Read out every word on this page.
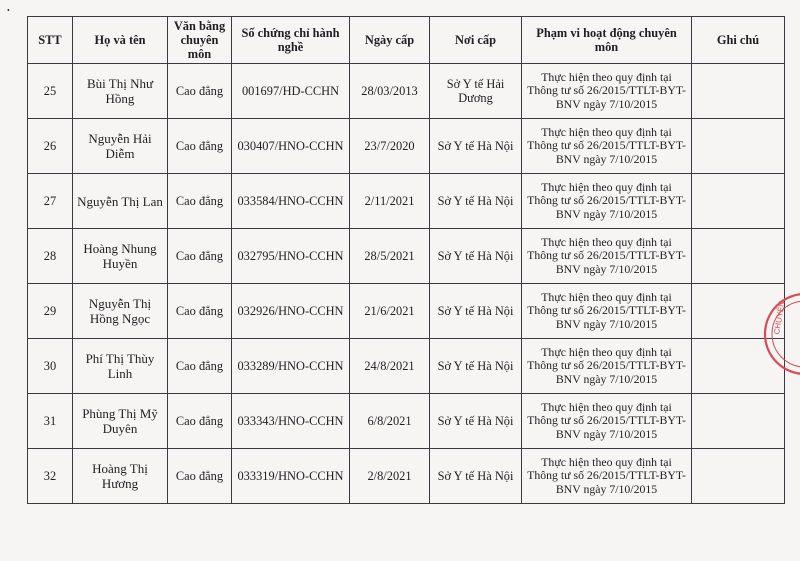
•
STT	Họ và tên	Văn bằng chuyên môn	Số chứng chỉ hành nghề	Ngày cấp	Nơi cấp	Phạm vi hoạt động chuyên môn	Ghi chú
25	Bùi Thị Như Hồng	Cao đẳng	001697/HD-CCHN	28/03/2013	Sở Y tế Hải Dương	Thực hiện theo quy định tại Thông tư số 26/2015/TTLT-BYT-BNV ngày 7/10/2015	
26	Nguyễn Hải Diễm	Cao đẳng	030407/HNO-CCHN	23/7/2020	Sở Y tế Hà Nội	Thực hiện theo quy định tại Thông tư số 26/2015/TTLT-BYT-BNV ngày 7/10/2015	
27	Nguyễn Thị Lan	Cao đẳng	033584/HNO-CCHN	2/11/2021	Sở Y tế Hà Nội	Thực hiện theo quy định tại Thông tư số 26/2015/TTLT-BYT-BNV ngày 7/10/2015	
28	Hoàng Nhung Huyền	Cao đẳng	032795/HNO-CCHN	28/5/2021	Sở Y tế Hà Nội	Thực hiện theo quy định tại Thông tư số 26/2015/TTLT-BYT-BNV ngày 7/10/2015	
29	Nguyễn Thị Hồng Ngọc	Cao đẳng	032926/HNO-CCHN	21/6/2021	Sở Y tế Hà Nội	Thực hiện theo quy định tại Thông tư số 26/2015/TTLT-BYT-BNV ngày 7/10/2015	
30	Phí Thị Thùy Linh	Cao đẳng	033289/HNO-CCHN	24/8/2021	Sở Y tế Hà Nội	Thực hiện theo quy định tại Thông tư số 26/2015/TTLT-BYT-BNV ngày 7/10/2015	
31	Phùng Thị Mỹ Duyên	Cao đẳng	033343/HNO-CCHN	6/8/2021	Sở Y tế Hà Nội	Thực hiện theo quy định tại Thông tư số 26/2015/TTLT-BYT-BNV ngày 7/10/2015	
32	Hoàng Thị Hương	Cao đẳng	033319/HNO-CCHN	2/8/2021	Sở Y tế Hà Nội	Thực hiện theo quy định tại Thông tư số 26/2015/TTLT-BYT-BNV ngày 7/10/2015	
CHUYÊN
